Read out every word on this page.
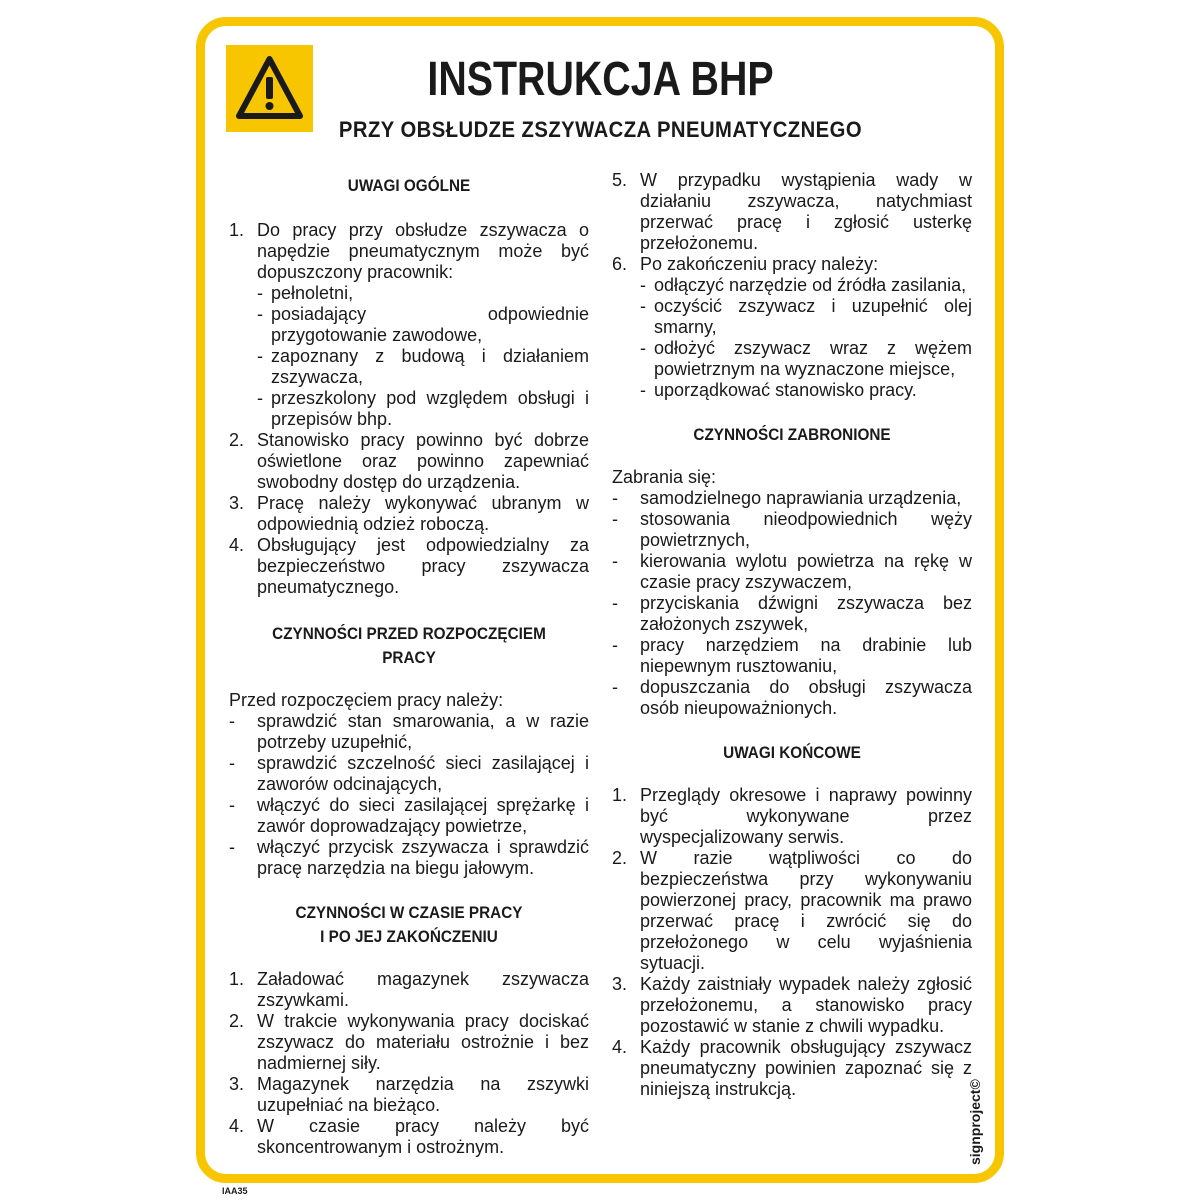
INSTRUKCJA BHP
PRZY OBSŁUDZE ZSZYWACZA PNEUMATYCZNEGO
UWAGI OGÓLNE
1. Do pracy przy obsłudze zszywacza o napędzie pneumatycznym może być dopuszczony pracownik:
- pełnoletni,
- posiadający odpowiednie przygotowanie zawodowe,
- zapoznany z budową i działaniem zszywacza,
- przeszkolony pod względem obsługi i przepisów bhp.
2. Stanowisko pracy powinno być dobrze oświetlone oraz powinno zapewniać swobodny dostęp do urządzenia.
3. Pracę należy wykonywać ubranym w odpowiednią odzież roboczą.
4. Obsługujący jest odpowiedzialny za bezpieczeństwo pracy zszywacza pneumatycznego.
CZYNNOŚCI PRZED ROZPOCZĘCIEM PRACY

Przed rozpoczęciem pracy należy:

-	sprawdzić stan smarowania, a w razie potrzeby uzupełnić,
-	sprawdzić szczelność sieci zasilającej i zaworów odcinających,
-	włączyć do sieci zasilającej sprężarkę i zawór doprowadzający powietrze,
-	włączyć przycisk zszywacza i sprawdzić pracę narzędzia na biegu jałowym.
CZYNNOŚCI W CZASIE PRACY
I PO JEJ ZAKOŃCZENIU
1. Załadować magazynek zszywacza zszywkami.
2. W trakcie wykonywania pracy dociskać zszywacz do materiału ostrożnie i bez nadmiernej siły.
3. Magazynek narzędzia na zszywki uzupełniać na bieżąco.
4. W czasie pracy należy być skoncentrowanym i ostrożnym.
5. W przypadku wystąpienia wady w działaniu zszywacza, natychmiast przerwać pracę i zgłosić usterkę przełożonemu.
6. Po zakończeniu pracy należy:
- odłączyć narzędzie od źródła zasilania,
- oczyścić zszywacz i uzupełnić olej smarny,
- odłożyć zszywacz wraz z wężem powietrznym na wyznaczone miejsce,
- uporządkować stanowisko pracy.
CZYNNOŚCI ZABRONIONE

Zabrania się:

-	samodzielnego naprawiania urządzenia,
-	stosowania nieodpowiednich węży powietrznych,
-	kierowania wylotu powietrza na rękę w czasie pracy zszywaczem,
-	przyciskania dźwigni zszywacza bez założonych zszywek,
-	pracy narzędziem na drabinie lub niepewnym rusztowaniu,
-	dopuszczania do obsługi zszywacza osób nieupoważnionych.
UWAGI KOŃCOWE
1. Przeglądy okresowe i naprawy powinny być wykonywane przez wyspecjalizowany serwis.
2. W razie wątpliwości co do bezpieczeństwa przy wykonywaniu powierzonej pracy, pracownik ma prawo przerwać pracę i zwrócić się do przełożonego w celu wyjaśnienia sytuacji.
3. Każdy zaistniały wypadek należy zgłosić przełożonemu, a stanowisko pracy pozostawić w stanie z chwili wypadku.
4. Każdy pracownik obsługujący zszywacz pneumatyczny powinien zapoznać się z niniejszą instrukcją.	signproject©
IAA35
